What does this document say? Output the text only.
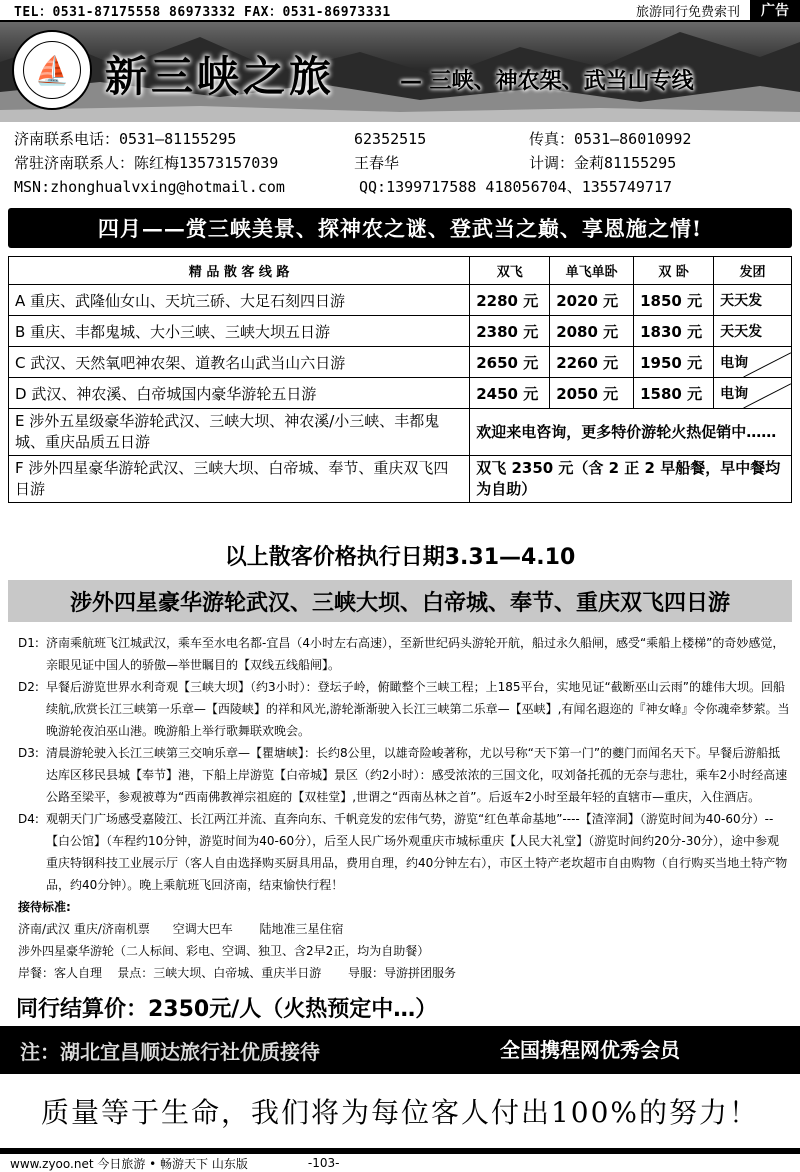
TEL：0531-87175558 86973332 FAX：0531-86973331	旅游同行免费索刊	广告
⛵ 新三峡之旅	— 三峡、神农架、武当山专线
济南联系电话：0531—81155295	62352515	传真：0531—86010992
常驻济南联系人：陈红梅13573157039	王春华	计调：金莉81155295
MSN:zhonghualvxing@hotmail.com	QQ:1399717588 418056704、1355749717
四月——赏三峡美景、探神农之谜、登武当之巅、享恩施之情!
精 品 散 客 线 路	双飞	单飞单卧	双 卧	发团
A 重庆、武隆仙女山、天坑三硚、大足石刻四日游	2280 元	2020 元	1850 元	天天发
B 重庆、丰都鬼城、大小三峡、三峡大坝五日游	2380 元	2080 元	1830 元	天天发
C 武汉、天然氧吧神农架、道教名山武当山六日游	2650 元	2260 元	1950 元	电询

D 武汉、神农溪、白帝城国内豪华游轮五日游	2450 元	2050 元	1580 元	电询

E 涉外五星级豪华游轮武汉、三峡大坝、神农溪/小三峡、丰都鬼城、重庆品质五日游	欢迎来电咨询，更多特价游轮火热促销中……			
F 涉外四星豪华游轮武汉、三峡大坝、白帝城、奉节、重庆双飞四日游	双飞 2350 元（含 2 正 2 早船餐，早中餐均为自助）			
以上散客价格执行日期3.31—4.10
涉外四星豪华游轮武汉、三峡大坝、白帝城、奉节、重庆双飞四日游
D1: 济南乘航班飞江城武汉，乘车至水电名都-宜昌（4小时左右高速），至新世纪码头游轮开航，船过永久船闸，感受“乘船上楼梯”的奇妙感觉，亲眼见证中国人的骄傲—举世瞩目的【双线五线船闸】。
D2: 早餐后游览世界水利奇观【三峡大坝】（约3小时）：登坛子岭，俯瞰整个三峡工程；上185平台，实地见证“截断巫山云雨”的雄伟大坝。回船续航,欣赏长江三峡第一乐章—【西陵峡】的祥和风光,游轮渐渐驶入长江三峡第二乐章—【巫峡】,有闻名遐迩的『神女峰』令你魂牵梦萦。当晚游轮夜泊巫山港。晚游船上举行歌舞联欢晚会。
D3: 清晨游轮驶入长江三峡第三交响乐章—【瞿塘峡】：长约8公里，以雄奇险峻著称，尤以号称“天下第一门”的夔门而闻名天下。早餐后游船抵达库区移民县城【奉节】港，下船上岸游览【白帝城】景区（约2小时）：感受浓浓的三国文化，叹刘备托孤的无奈与悲壮，乘车2小时经高速公路至梁平，参观被尊为“西南佛教禅宗祖庭的【双桂堂】,世谓之“西南丛林之首”。后返车2小时至最年轻的直辖市—重庆，入住酒店。
D4: 观朝天门广场感受嘉陵江、长江两江并流、直奔向东、千帆竞发的宏伟气势，游览“红色革命基地”----【渣滓洞】（游览时间为40-60分）--【白公馆】（车程约10分钟，游览时间为40-60分），后至人民广场外观重庆市城标重庆【人民大礼堂】（游览时间约20分-30分），途中参观重庆特钢科技工业展示厅（客人自由选择购买厨具用品，费用自理，约40分钟左右），市区土特产老坎超市自由购物（自行购买当地土特产物品，约40分钟）。晚上乘航班飞回济南，结束愉快行程！
接待标准:
济南/武汉 重庆/济南机票      空调大巴车       陆地准三星住宿
涉外四星豪华游轮（二人标间、彩电、空调、独卫、含2早2正，均为自助餐）
岸餐：客人自理    景点：三峡大坝、白帝城、重庆半日游       导服：导游拼团服务
同行结算价：2350元/人（火热预定中…）
注：湖北宜昌顺达旅行社优质接待	全国携程网优秀会员
质量等于生命，我们将为每位客人付出100%的努力！
www.zyoo.net 今日旅游 • 畅游天下 山东版	-103-
